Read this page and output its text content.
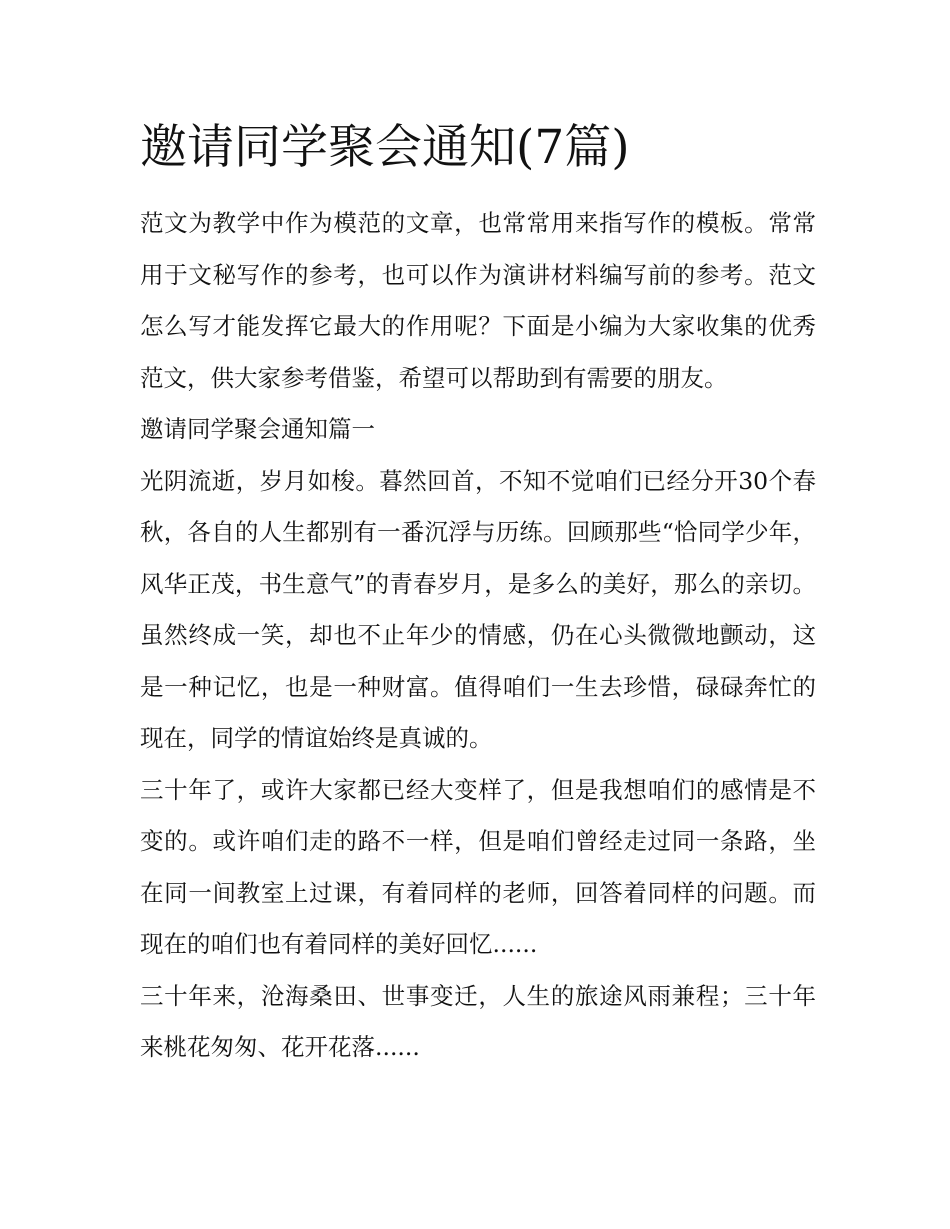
邀请同学聚会通知(7篇)

范文为教学中作为模范的文章，也常常用来指写作的模板。常常用于文秘写作的参考，也可以作为演讲材料编写前的参考。范文怎么写才能发挥它最大的作用呢？下面是小编为大家收集的优秀范文，供大家参考借鉴，希望可以帮助到有需要的朋友。

邀请同学聚会通知篇一

光阴流逝，岁月如梭。暮然回首，不知不觉咱们已经分开30个春秋，各自的人生都别有一番沉浮与历练。回顾那些“恰同学少年，风华正茂，书生意气”的青春岁月，是多么的美好，那么的亲切。虽然终成一笑，却也不止年少的情感，仍在心头微微地颤动，这是一种记忆，也是一种财富。值得咱们一生去珍惜，碌碌奔忙的现在，同学的情谊始终是真诚的。

三十年了，或许大家都已经大变样了，但是我想咱们的感情是不变的。或许咱们走的路不一样，但是咱们曾经走过同一条路，坐在同一间教室上过课，有着同样的老师，回答着同样的问题。而现在的咱们也有着同样的美好回忆......

三十年来，沧海桑田、世事变迁，人生的旅途风雨兼程；三十年来桃花匆匆、花开花落......
